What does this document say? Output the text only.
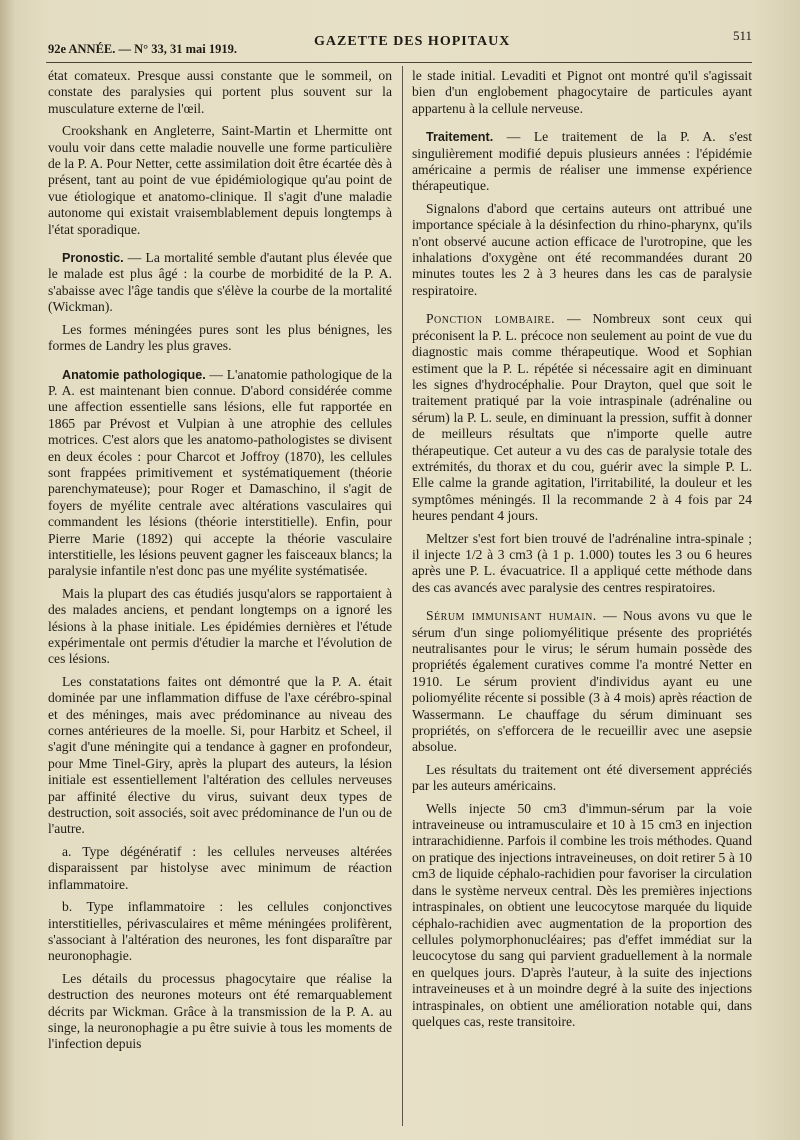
92e ANNÉE. — N° 33, 31 mai 1919.	GAZETTE DES HOPITAUX	511

état comateux. Presque aussi constante que le sommeil, on constate des paralysies qui portent plus souvent sur la musculature externe de l'œil.

Crookshank en Angleterre, Saint-Martin et Lhermitte ont voulu voir dans cette maladie nouvelle une forme particulière de la P. A. Pour Netter, cette assimilation doit être écartée dès à présent, tant au point de vue épidémiologique qu'au point de vue étiologique et anatomo-clinique. Il s'agit d'une maladie autonome qui existait vraisemblablement depuis longtemps à l'état sporadique.

Pronostic. — La mortalité semble d'autant plus élevée que le malade est plus âgé : la courbe de morbidité de la P. A. s'abaisse avec l'âge tandis que s'élève la courbe de la mortalité (Wickman).

Les formes méningées pures sont les plus bénignes, les formes de Landry les plus graves.

Anatomie pathologique. — L'anatomie pathologique de la P. A. est maintenant bien connue. D'abord considérée comme une affection essentielle sans lésions, elle fut rapportée en 1865 par Prévost et Vulpian à une atrophie des cellules motrices. C'est alors que les anatomo-pathologistes se divisent en deux écoles : pour Charcot et Joffroy (1870), les cellules sont frappées primitivement et systématiquement (théorie parenchymateuse); pour Roger et Damaschino, il s'agit de foyers de myélite centrale avec altérations vasculaires qui commandent les lésions (théorie interstitielle). Enfin, pour Pierre Marie (1892) qui accepte la théorie vasculaire interstitielle, les lésions peuvent gagner les faisceaux blancs; la paralysie infantile n'est donc pas une myélite systématisée.

Mais la plupart des cas étudiés jusqu'alors se rapportaient à des malades anciens, et pendant longtemps on a ignoré les lésions à la phase initiale. Les épidémies dernières et l'étude expérimentale ont permis d'étudier la marche et l'évolution de ces lésions.

Les constatations faites ont démontré que la P. A. était dominée par une inflammation diffuse de l'axe cérébro-spinal et des méninges, mais avec prédominance au niveau des cornes antérieures de la moelle. Si, pour Harbitz et Scheel, il s'agit d'une méningite qui a tendance à gagner en profondeur, pour Mme Tinel-Giry, après la plupart des auteurs, la lésion initiale est essentiellement l'altération des cellules nerveuses par affinité élective du virus, suivant deux types de destruction, soit associés, soit avec prédominance de l'un ou de l'autre.

a. Type dégénératif : les cellules nerveuses altérées disparaissent par histolyse avec minimum de réaction inflammatoire.

b. Type inflammatoire : les cellules conjonctives interstitielles, périvasculaires et même méningées prolifèrent, s'associant à l'altération des neurones, les font disparaître par neuronophagie.

Les détails du processus phagocytaire que réalise la destruction des neurones moteurs ont été remarquablement décrits par Wickman. Grâce à la transmission de la P. A. au singe, la neuronophagie a pu être suivie à tous les moments de l'infection depuis

le stade initial. Levaditi et Pignot ont montré qu'il s'agissait bien d'un englobement phagocytaire de particules ayant appartenu à la cellule nerveuse.

Traitement. — Le traitement de la P. A. s'est singulièrement modifié depuis plusieurs années : l'épidémie américaine a permis de réaliser une immense expérience thérapeutique.

Signalons d'abord que certains auteurs ont attribué une importance spéciale à la désinfection du rhino-pharynx, qu'ils n'ont observé aucune action efficace de l'urotropine, que les inhalations d'oxygène ont été recommandées durant 20 minutes toutes les 2 à 3 heures dans les cas de paralysie respiratoire.

Ponction lombaire. — Nombreux sont ceux qui préconisent la P. L. précoce non seulement au point de vue du diagnostic mais comme thérapeutique. Wood et Sophian estiment que la P. L. répétée si nécessaire agit en diminuant les signes d'hydrocéphalie. Pour Drayton, quel que soit le traitement pratiqué par la voie intraspinale (adrénaline ou sérum) la P. L. seule, en diminuant la pression, suffit à donner de meilleurs résultats que n'importe quelle autre thérapeutique. Cet auteur a vu des cas de paralysie totale des extrémités, du thorax et du cou, guérir avec la simple P. L. Elle calme la grande agitation, l'irritabilité, la douleur et les symptômes méningés. Il la recommande 2 à 4 fois par 24 heures pendant 4 jours.

Meltzer s'est fort bien trouvé de l'adrénaline intra-spinale ; il injecte 1/2 à 3 cm3 (à 1 p. 1.000) toutes les 3 ou 6 heures après une P. L. évacuatrice. Il a appliqué cette méthode dans des cas avancés avec paralysie des centres respiratoires.

Sérum immunisant humain. — Nous avons vu que le sérum d'un singe poliomyélitique présente des propriétés neutralisantes pour le virus; le sérum humain possède des propriétés également curatives comme l'a montré Netter en 1910. Le sérum provient d'individus ayant eu une poliomyélite récente si possible (3 à 4 mois) après réaction de Wassermann. Le chauffage du sérum diminuant ses propriétés, on s'efforcera de le recueillir avec une asepsie absolue.

Les résultats du traitement ont été diversement appréciés par les auteurs américains.

Wells injecte 50 cm3 d'immun-sérum par la voie intraveineuse ou intramusculaire et 10 à 15 cm3 en injection intrarachidienne. Parfois il combine les trois méthodes. Quand on pratique des injections intraveineuses, on doit retirer 5 à 10 cm3 de liquide céphalo-rachidien pour favoriser la circulation dans le système nerveux central. Dès les premières injections intraspinales, on obtient une leucocytose marquée du liquide céphalo-rachidien avec augmentation de la proportion des cellules polymorphonucléaires; pas d'effet immédiat sur la leucocytose du sang qui parvient graduellement à la normale en quelques jours. D'après l'auteur, à la suite des injections intraveineuses et à un moindre degré à la suite des injections intraspinales, on obtient une amélioration notable qui, dans quelques cas, reste transitoire.
